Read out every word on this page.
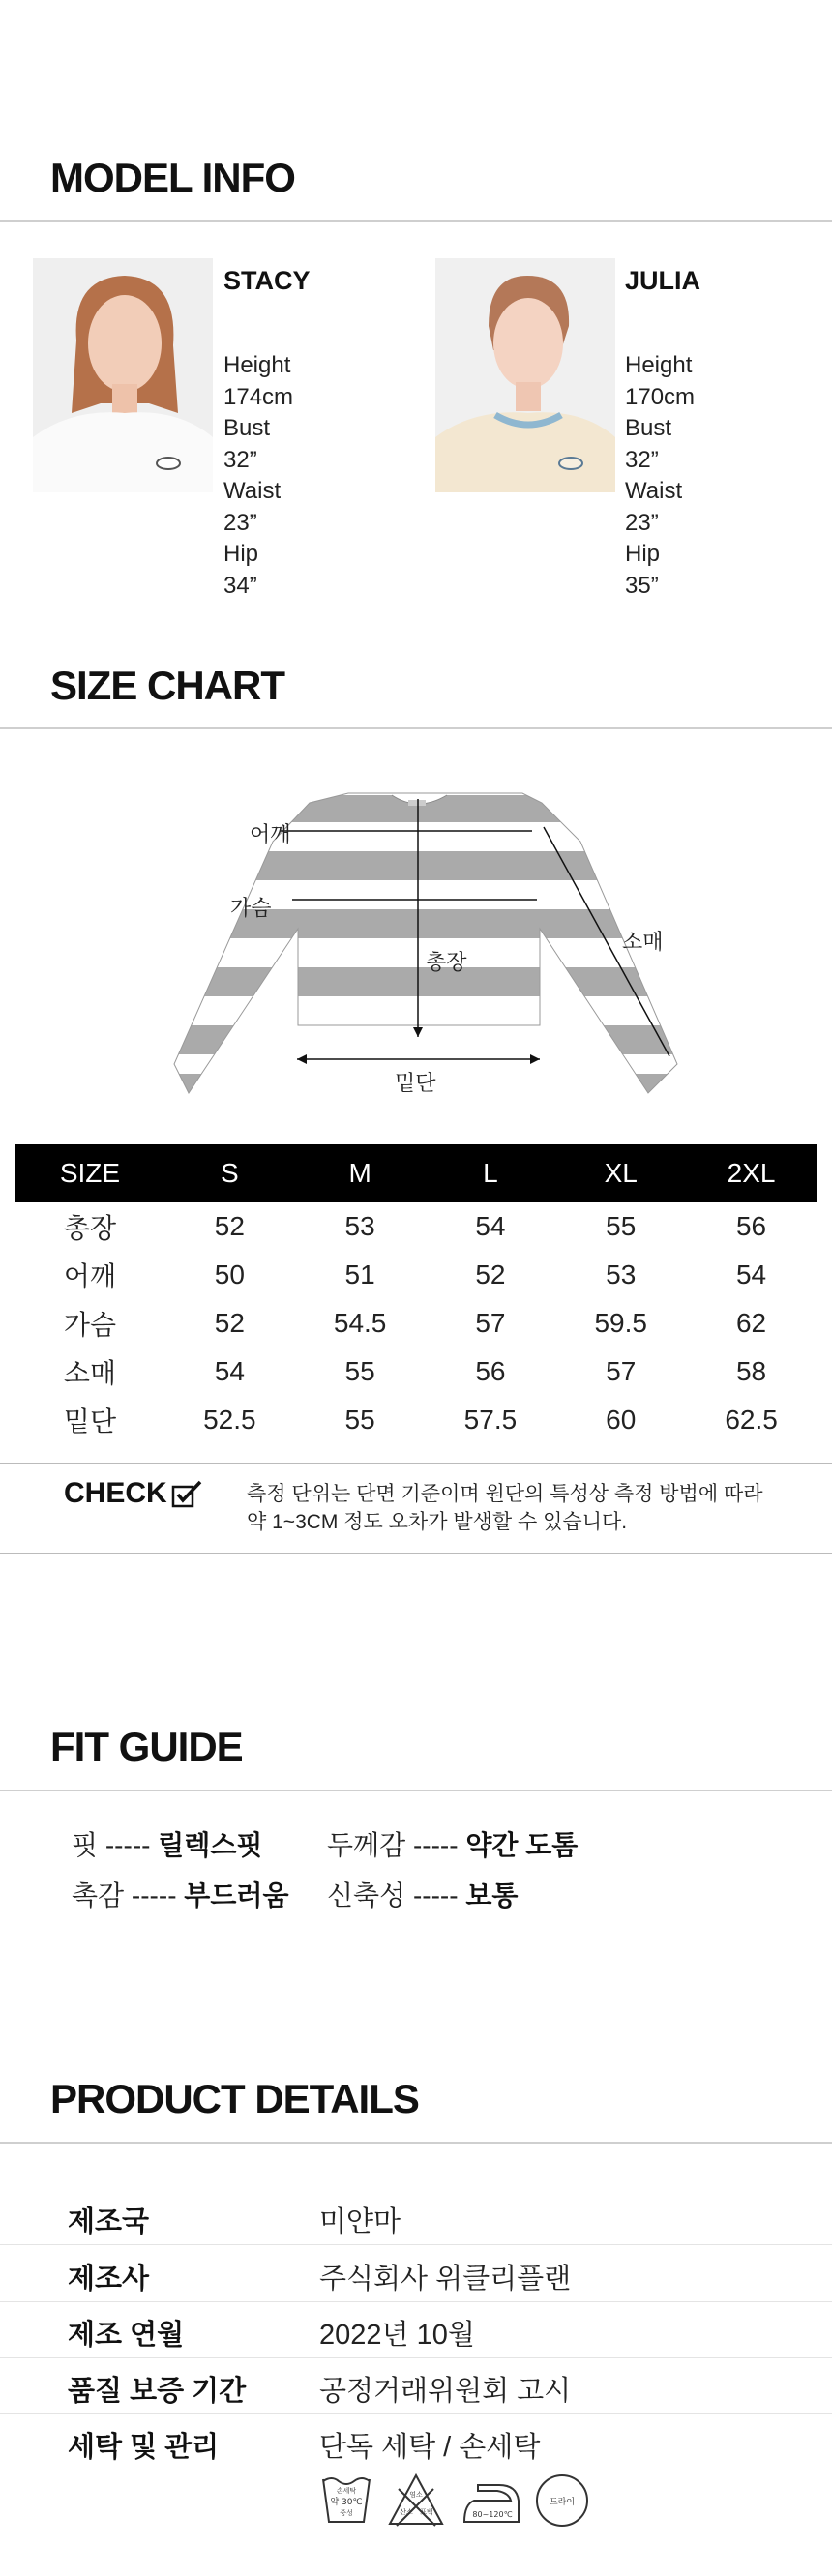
MODEL INFO
STACY
Height 174cm
Bust 32”
Waist 23”
Hip 34”
JULIA
Height 170cm
Bust 32”
Waist 23”
Hip 35”
SIZE CHART
어깨
가슴
총장
소매
밑단
SIZE	S	M	L	XL	2XL
총장	52	53	54	55	56
어깨	50	51	52	53	54
가슴	52	54.5	57	59.5	62
소매	54	55	56	57	58
밑단	52.5	55	57.5	60	62.5
CHECK	측정 단위는 단면 기준이며 원단의 특성상 측정 방법에 따라
약 1~3CM 정도 오차가 발생할 수 있습니다.
FIT GUIDE
핏 ----- 릴렉스핏 두께감 ----- 약간 도톰
촉감 ----- 부드러움 신축성 ----- 보통
PRODUCT DETAILS
제조국	미얀마
제조사	주식회사 위클리플랜
제조 연월	2022년 10월
품질 보증 기간	공정거래위원회 고시
세탁 및 관리	단독 세탁 / 손세탁
손세탁
약 30℃
중성
염소
산소 표백	80~120℃
드라이
